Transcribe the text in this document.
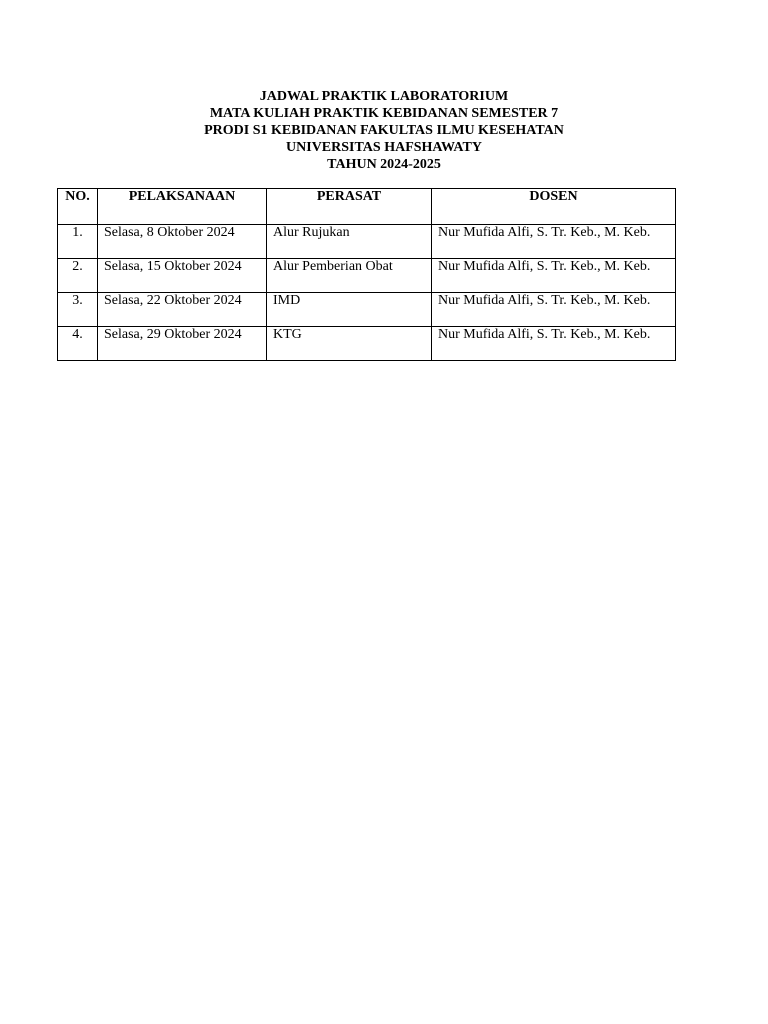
JADWAL PRAKTIK LABORATORIUM
MATA KULIAH PRAKTIK KEBIDANAN SEMESTER 7
PRODI S1 KEBIDANAN FAKULTAS ILMU KESEHATAN
UNIVERSITAS HAFSHAWATY
TAHUN 2024-2025
NO.	PELAKSANAAN	PERASAT	DOSEN
1.	Selasa, 8 Oktober 2024	Alur Rujukan	Nur Mufida Alfi, S. Tr. Keb., M. Keb.
2.	Selasa, 15 Oktober 2024	Alur Pemberian Obat	Nur Mufida Alfi, S. Tr. Keb., M. Keb.
3.	Selasa, 22 Oktober 2024	IMD	Nur Mufida Alfi, S. Tr. Keb., M. Keb.
4.	Selasa, 29 Oktober 2024	KTG	Nur Mufida Alfi, S. Tr. Keb., M. Keb.
